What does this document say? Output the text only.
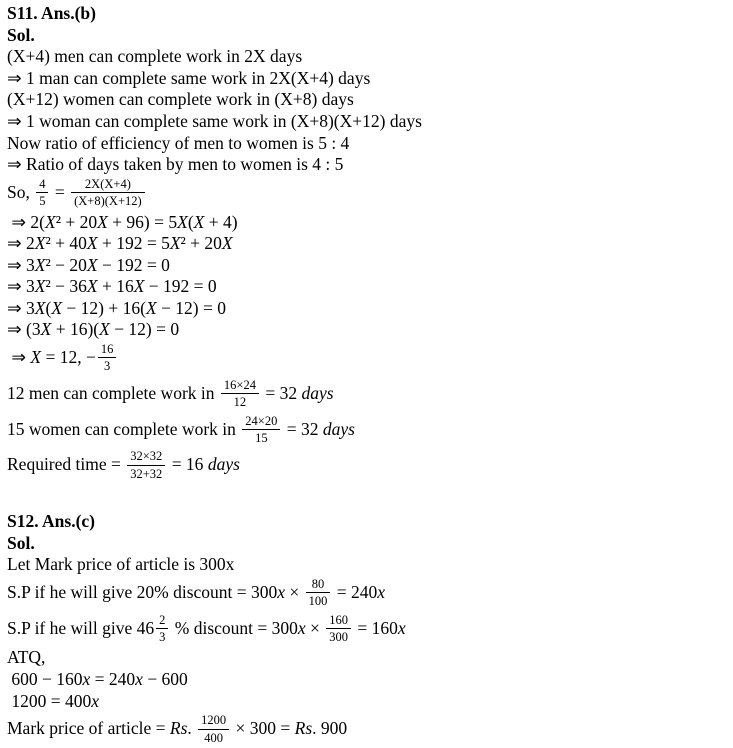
S11. Ans.(b)

Sol.

(X+4) men can complete work in 2X days

⇒ 1 man can complete same work in 2X(X+4) days

(X+12) women can complete work in (X+8) days

⇒ 1 woman can complete same work in (X+8)(X+12) days

Now ratio of efficiency of men to women is 5 : 4

⇒ Ratio of days taken by men to women is 4 : 5

So, $\frac{4}{5} = \frac{2X(X+4)}{(X+8)(X+12)}$

⇒ 2(X² + 20X + 96) = 5X(X + 4)

⇒ 2X² + 40X + 192 = 5X² + 20X

⇒ 3X² − 20X − 192 = 0

⇒ 3X² − 36X + 16X − 192 = 0

⇒ 3X(X − 12) + 16(X − 12) = 0

⇒ (3X + 16)(X − 12) = 0

⇒ X = 12, − $\frac{16}{3}$

12 men can complete work in $\frac{16\times 24}{12} = 32$ days

15 women can complete work in $\frac{24\times 20}{15} = 32$ days

Required time = $\frac{32\times 32}{32+32} = 16$ days

S12. Ans.(c)

Sol.

Let Mark price of article is 300x

S.P if he will give 20% discount = $300x \times \frac{80}{100} = 240x$

S.P if he will give $46 \frac{2}{3}$ % discount = $300x \times \frac{160}{300} = 160x$

ATQ,

600 − 160x = 240x − 600

1200 = 400x

Mark price of article = Rs. $\frac{1200}{400} \times 300 = Rs$. 900
